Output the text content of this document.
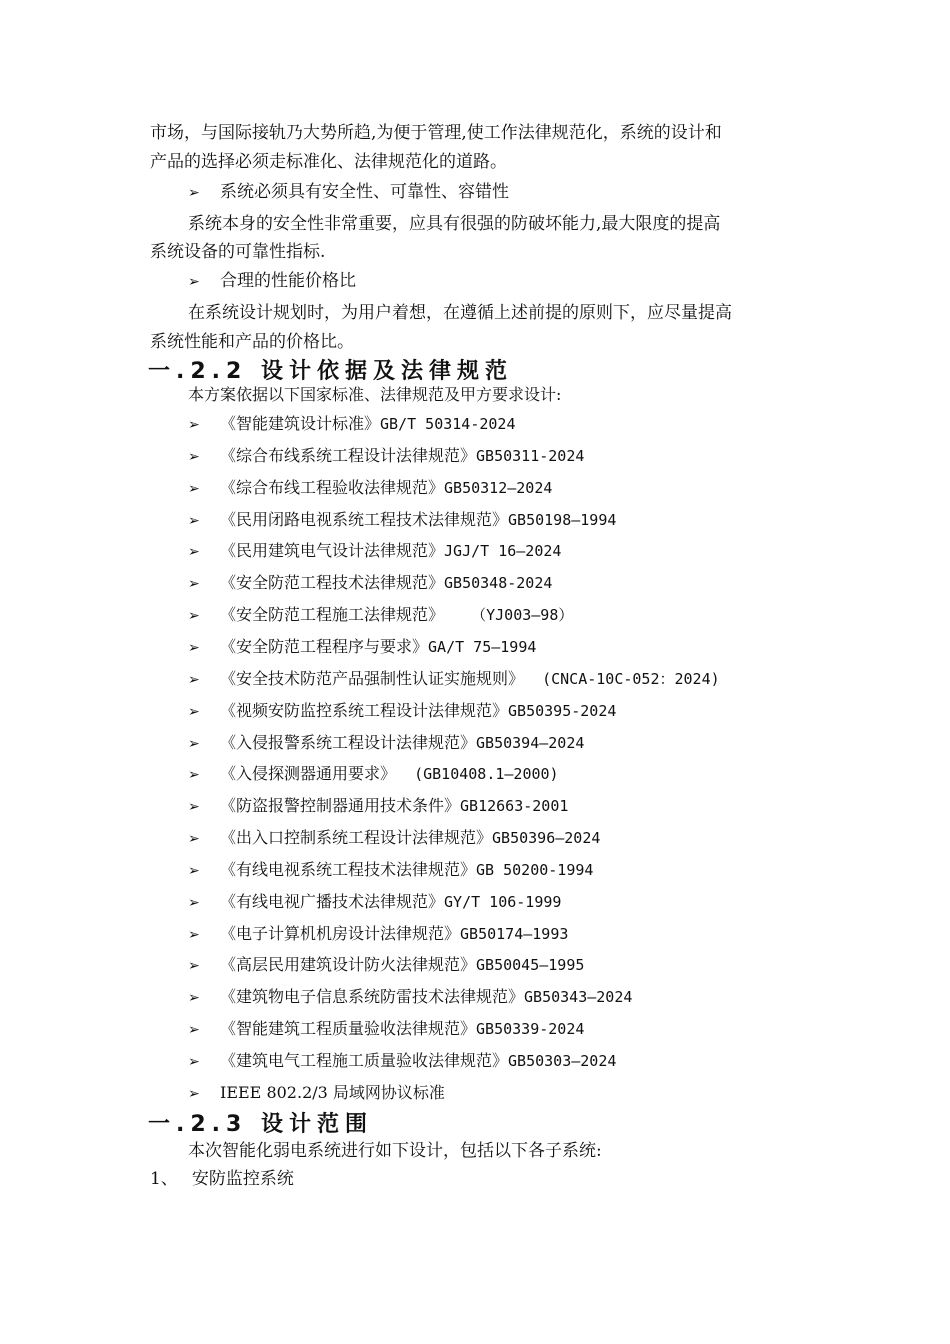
市场，与国际接轨乃大势所趋,为便于管理,使工作法律规范化，系统的设计和
产品的选择必须走标准化、法律规范化的道路。
➢ 系统必须具有安全性、可靠性、容错性
系统本身的安全性非常重要，应具有很强的防破坏能力,最大限度的提高
系统设备的可靠性指标.
➢ 合理的性能价格比
在系统设计规划时，为用户着想，在遵循上述前提的原则下，应尽量提高
系统性能和产品的价格比。
一.2.2 设计依据及法律规范
本方案依据以下国家标准、法律规范及甲方要求设计:
➢ 《智能建筑设计标准》GB/T 50314-2024
➢ 《综合布线系统工程设计法律规范》GB50311-2024
➢ 《综合布线工程验收法律规范》GB50312—2024
➢ 《民用闭路电视系统工程技术法律规范》GB50198—1994
➢ 《民用建筑电气设计法律规范》JGJ/T 16—2024
➢ 《安全防范工程技术法律规范》GB50348-2024
➢ 《安全防范工程施工法律规范》   （YJ003—98）
➢ 《安全防范工程程序与要求》GA/T 75—1994
➢ 《安全技术防范产品强制性认证实施规则》  (CNCA-10C-052：2024)
➢ 《视频安防监控系统工程设计法律规范》GB50395-2024
➢ 《入侵报警系统工程设计法律规范》GB50394—2024
➢ 《入侵探测器通用要求》  (GB10408.1—2000)
➢ 《防盗报警控制器通用技术条件》GB12663-2001
➢ 《出入口控制系统工程设计法律规范》GB50396—2024
➢ 《有线电视系统工程技术法律规范》GB 50200-1994
➢ 《有线电视广播技术法律规范》GY/T 106-1999
➢ 《电子计算机机房设计法律规范》GB50174—1993
➢ 《高层民用建筑设计防火法律规范》GB50045—1995
➢ 《建筑物电子信息系统防雷技术法律规范》GB50343—2024
➢ 《智能建筑工程质量验收法律规范》GB50339-2024
➢ 《建筑电气工程施工质量验收法律规范》GB50303—2024
➢ IEEE 802.2/3 局域网协议标准
一.2.3 设计范围
本次智能化弱电系统进行如下设计，包括以下各子系统:
1、 安防监控系统
